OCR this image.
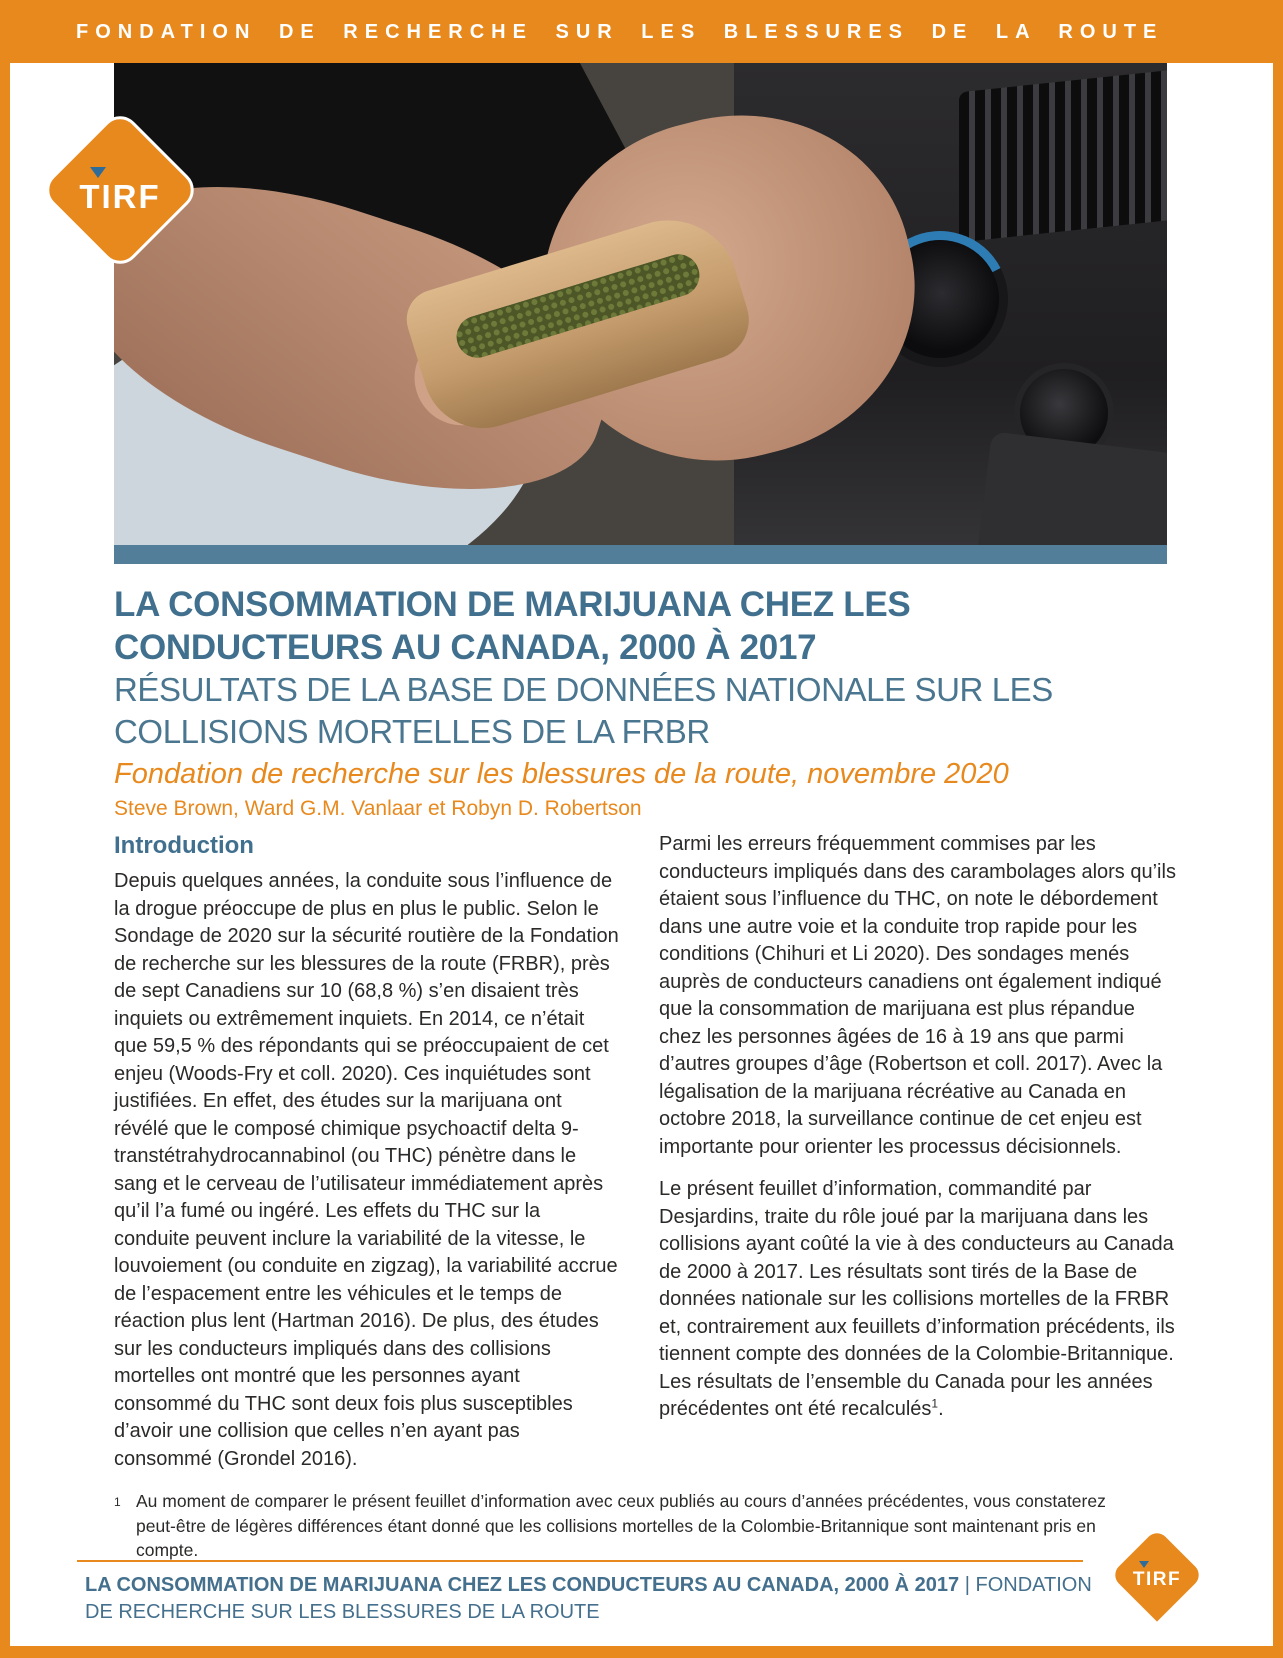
FONDATION DE RECHERCHE SUR LES BLESSURES DE LA ROUTE
TIRF
LA CONSOMMATION DE MARIJUANA CHEZ LES
CONDUCTEURS AU CANADA, 2000 À 2017
RÉSULTATS DE LA BASE DE DONNÉES NATIONALE SUR LES
COLLISIONS MORTELLES DE LA FRBR
Fondation de recherche sur les blessures de la route, novembre 2020
Steve Brown, Ward G.M. Vanlaar et Robyn D. Robertson
Introduction

Depuis quelques années, la conduite sous l’influence de la drogue préoccupe de plus en plus le public. Selon le Sondage de 2020 sur la sécurité routière de la Fondation de recherche sur les blessures de la route (FRBR), près de sept Canadiens sur 10 (68,8 %) s’en disaient très inquiets ou extrêmement inquiets. En 2014, ce n’était que 59,5 % des répondants qui se préoccupaient de cet enjeu (Woods-Fry et coll. 2020). Ces inquiétudes sont justifiées. En effet, des études sur la marijuana ont révélé que le composé chimique psychoactif delta 9-transtétrahydrocannabinol (ou THC) pénètre dans le sang et le cerveau de l’utilisateur immédiatement après qu’il l’a fumé ou ingéré. Les effets du THC sur la conduite peuvent inclure la variabilité de la vitesse, le louvoiement (ou conduite en zigzag), la variabilité accrue de l’espacement entre les véhicules et le temps de réaction plus lent (Hartman 2016). De plus, des études sur les conducteurs impliqués dans des collisions mortelles ont montré que les personnes ayant consommé du THC sont deux fois plus susceptibles d’avoir une collision que celles n’en ayant pas consommé (Grondel 2016).

Parmi les erreurs fréquemment commises par les conducteurs impliqués dans des carambolages alors qu’ils étaient sous l’influence du THC, on note le débordement dans une autre voie et la conduite trop rapide pour les conditions (Chihuri et Li 2020). Des sondages menés auprès de conducteurs canadiens ont également indiqué que la consommation de marijuana est plus répandue chez les personnes âgées de 16 à 19 ans que parmi d’autres groupes d’âge (Robertson et coll. 2017). Avec la légalisation de la marijuana récréative au Canada en octobre 2018, la surveillance continue de cet enjeu est importante pour orienter les processus décisionnels.

Le présent feuillet d’information, commandité par Desjardins, traite du rôle joué par la marijuana dans les collisions ayant coûté la vie à des conducteurs au Canada de 2000 à 2017. Les résultats sont tirés de la Base de données nationale sur les collisions mortelles de la FRBR et, contrairement aux feuillets d’information précédents, ils tiennent compte des données de la Colombie-Britannique. Les résultats de l’ensemble du Canada pour les années précédentes ont été recalculés$^1$.

1 Au moment de comparer le présent feuillet d’information avec ceux publiés au cours d’années précédentes, vous constaterez peut-être de légères différences étant donné que les collisions mortelles de la Colombie-Britannique sont maintenant pris en compte.
LA CONSOMMATION DE MARIJUANA CHEZ LES CONDUCTEURS AU CANADA, 2000 À 2017 | FONDATION DE RECHERCHE SUR LES BLESSURES DE LA ROUTE
TIRF
